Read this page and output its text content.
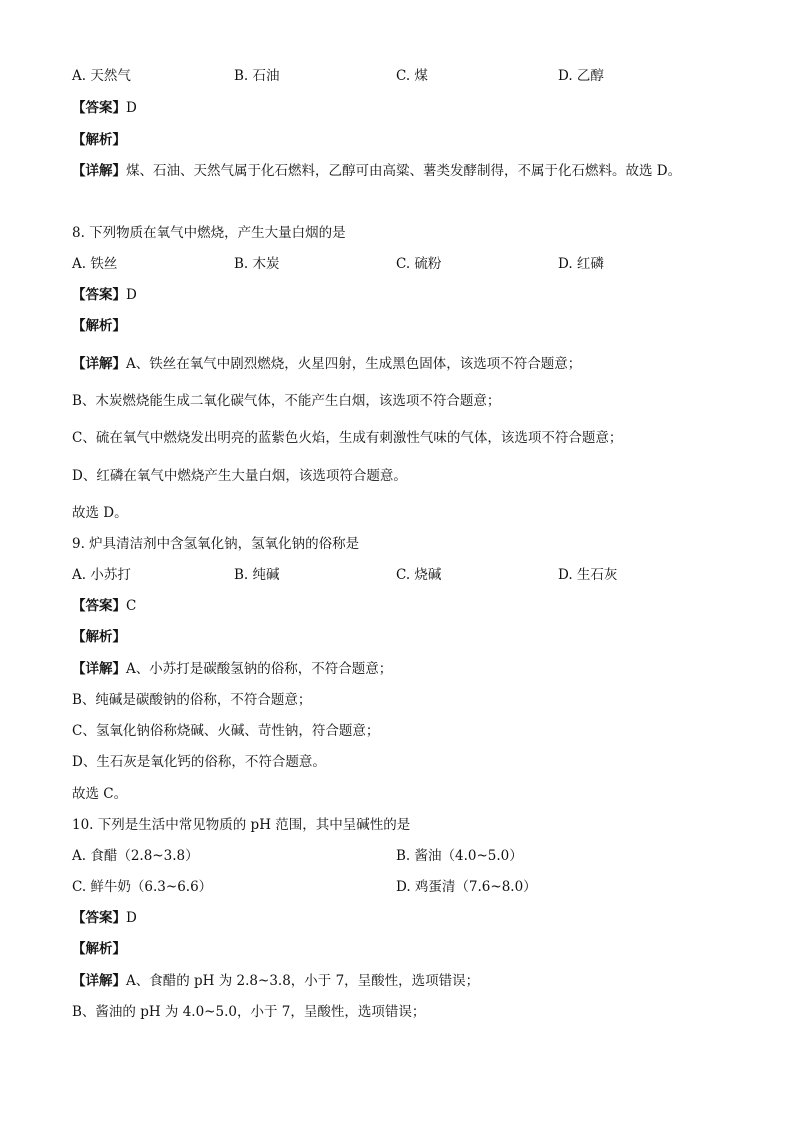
A. 天然气	B. 石油	C. 煤	D. 乙醇
【答案】D
【解析】
【详解】煤、石油、天然气属于化石燃料，乙醇可由高粱、薯类发酵制得，不属于化石燃料。故选 D。
8. 下列物质在氧气中燃烧，产生大量白烟的是
A. 铁丝	B. 木炭	C. 硫粉	D. 红磷
【答案】D
【解析】
【详解】A、铁丝在氧气中剧烈燃烧，火星四射，生成黑色固体，该选项不符合题意；
B、木炭燃烧能生成二氧化碳气体，不能产生白烟，该选项不符合题意；
C、硫在氧气中燃烧发出明亮的蓝紫色火焰，生成有刺激性气味的气体，该选项不符合题意；
D、红磷在氧气中燃烧产生大量白烟，该选项符合题意。
故选 D。
9. 炉具清洁剂中含氢氧化钠，氢氧化钠的俗称是
A. 小苏打	B. 纯碱	C. 烧碱	D. 生石灰
【答案】C
【解析】
【详解】A、小苏打是碳酸氢钠的俗称，不符合题意；
B、纯碱是碳酸钠的俗称，不符合题意；
C、氢氧化钠俗称烧碱、火碱、苛性钠，符合题意；
D、生石灰是氧化钙的俗称，不符合题意。
故选 C。
10. 下列是生活中常见物质的 pH 范围，其中呈碱性的是
A. 食醋（2.8~3.8）	B. 酱油（4.0~5.0）
C. 鲜牛奶（6.3~6.6）	D. 鸡蛋清（7.6~8.0）
【答案】D
【解析】
【详解】A、食醋的 pH 为 2.8~3.8，小于 7，呈酸性，选项错误；
B、酱油的 pH 为 4.0~5.0，小于 7，呈酸性，选项错误；
